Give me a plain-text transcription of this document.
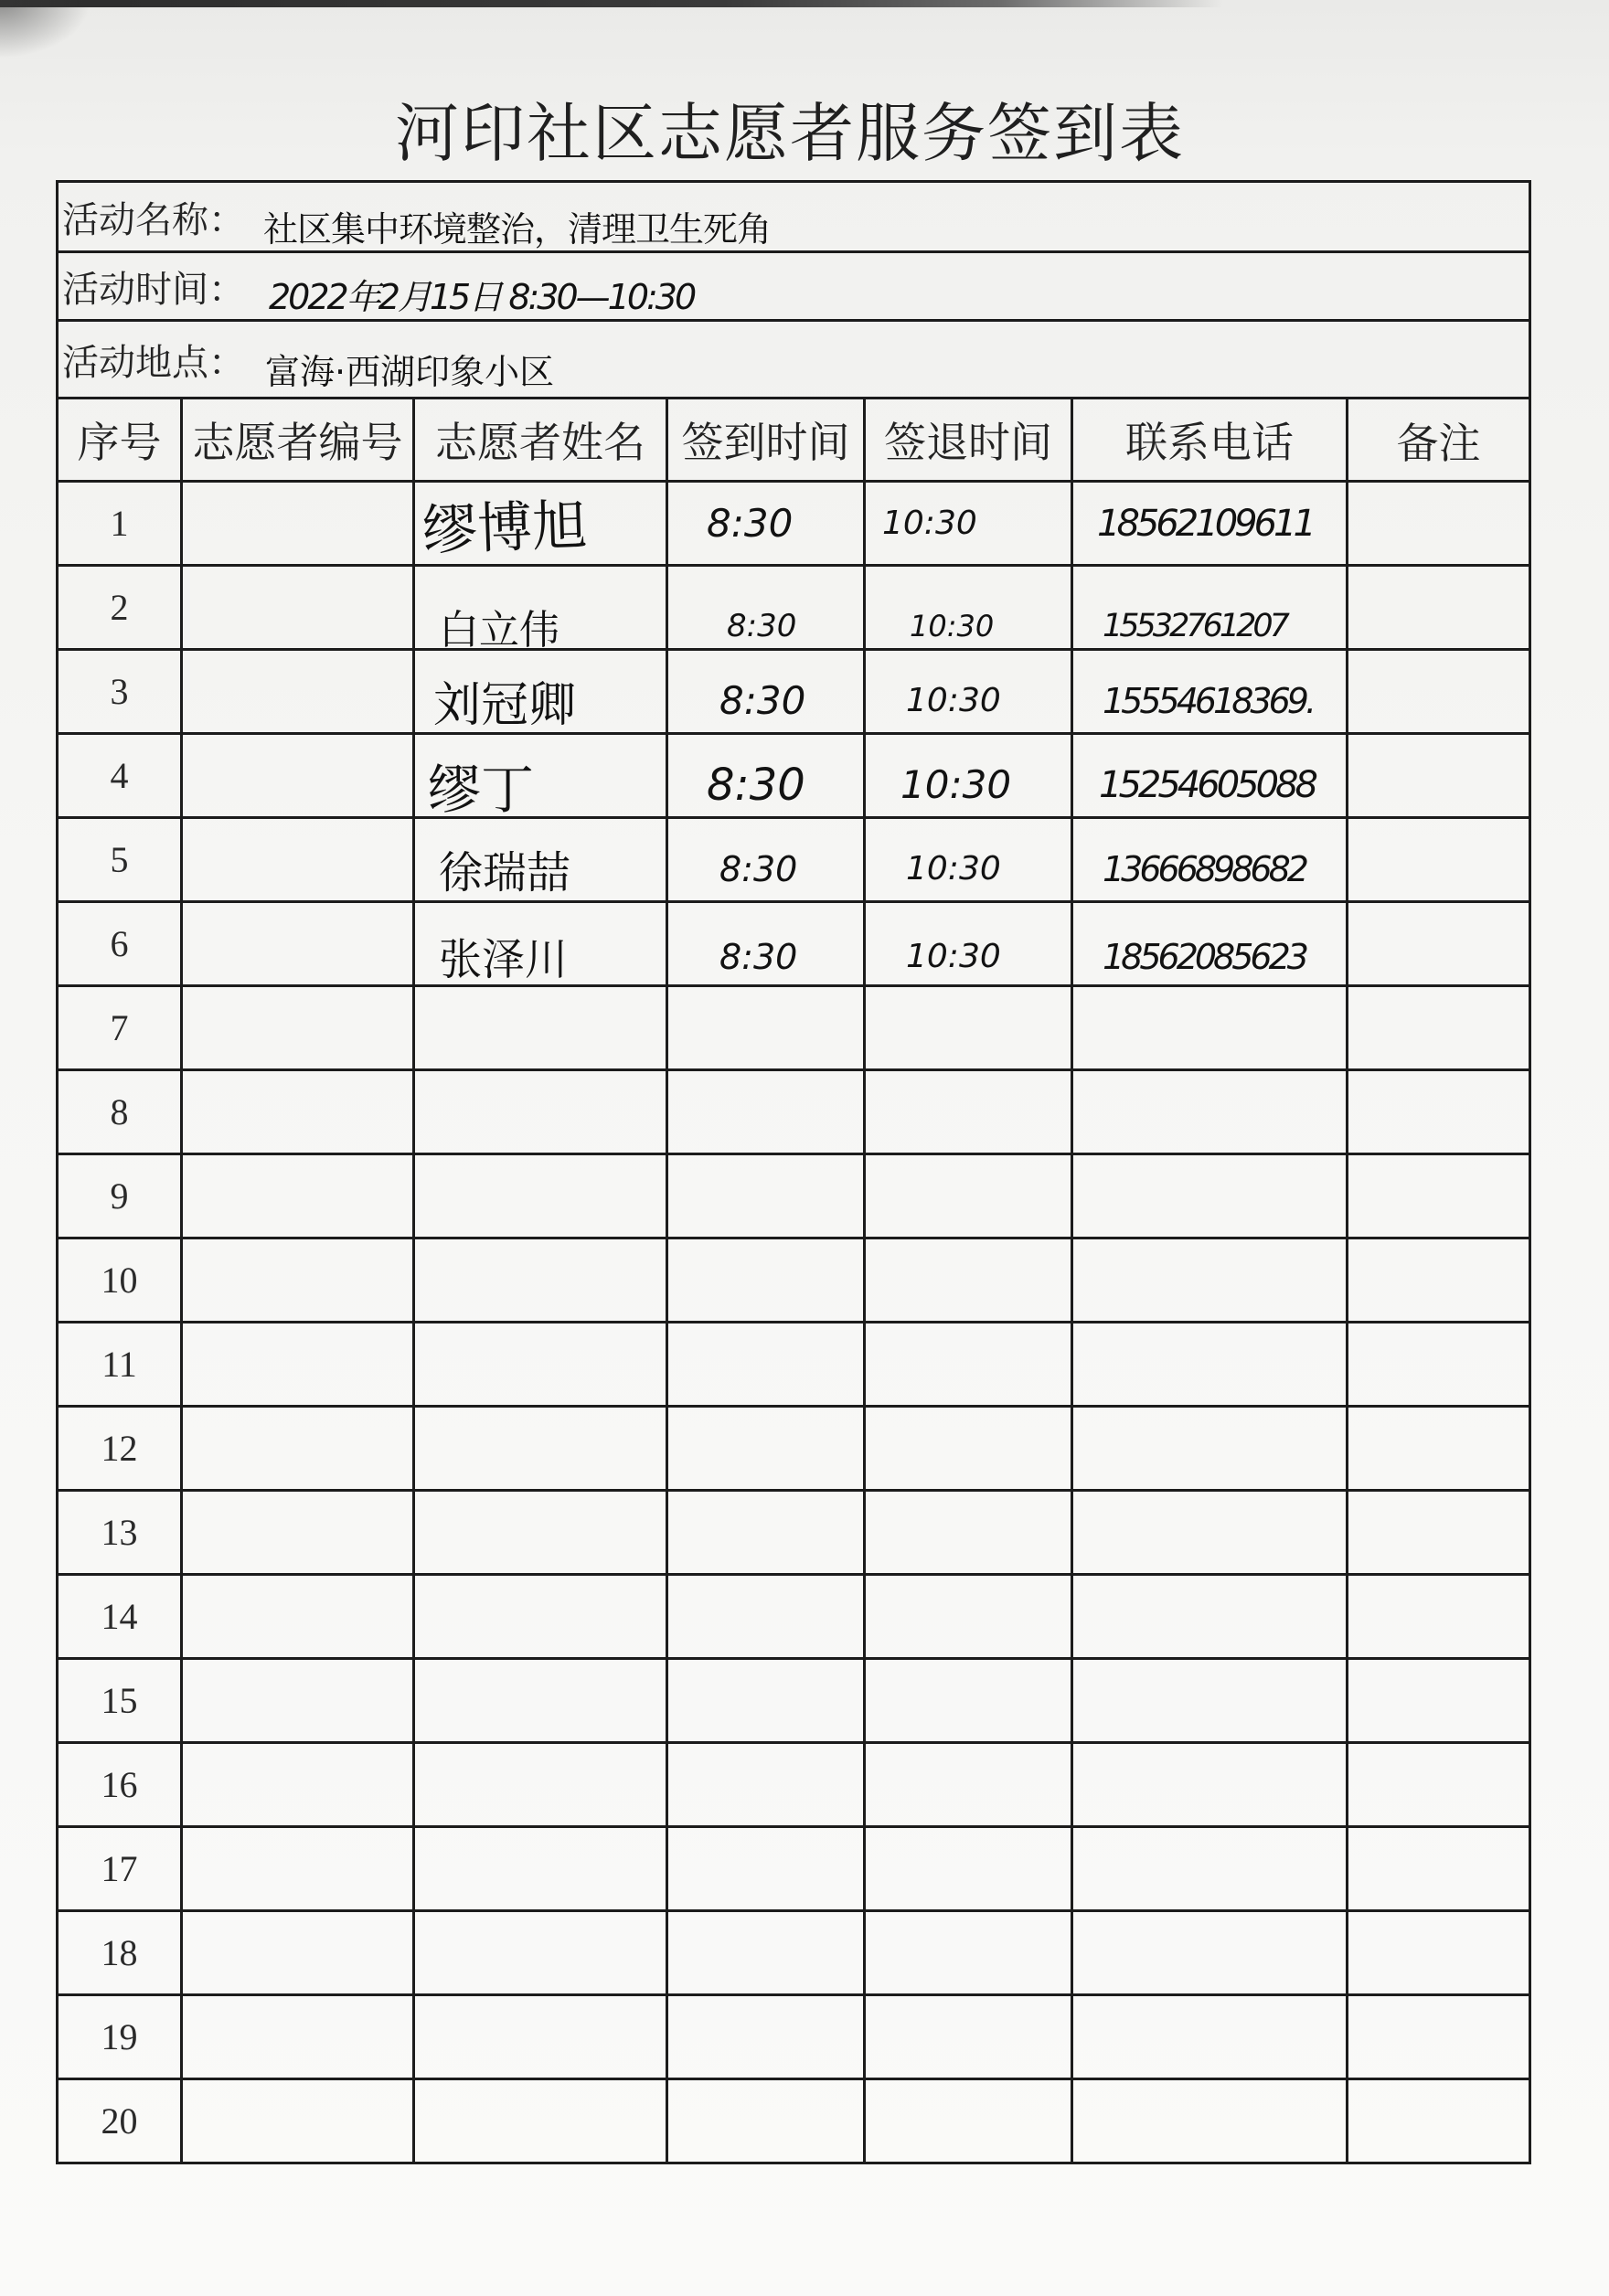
河印社区志愿者服务签到表
活动名称： 社区集中环境整治，清理卫生死角						
活动时间： 2022年2月15日 8:30—10:30						
活动地点： 富海·西湖印象小区						
序号	志愿者编号	志愿者姓名	签到时间	签退时间	联系电话	备注
1		缪博旭	8:30	10:30	18562109611	
2		白立伟	8:30	10:30	15532761207	
3		刘冠卿	8:30	10:30	15554618369.	
4		缪丁	8:30	10:30	15254605088	
5		徐瑞喆	8:30	10:30	13666898682	
6		张泽川	8:30	10:30	18562085623	
7						
8						
9						
10						
11						
12						
13						
14						
15						
16						
17						
18						
19						
20						
